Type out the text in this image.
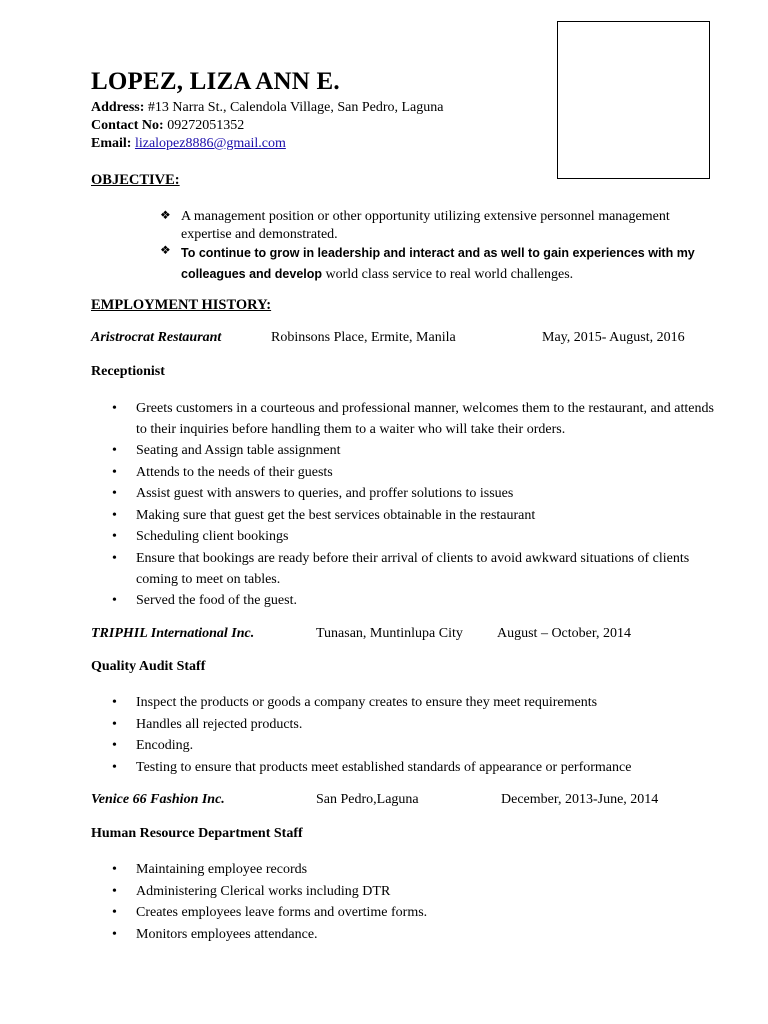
LOPEZ, LIZA ANN E.
Address: #13 Narra St., Calendola Village, San Pedro, Laguna
Contact No: 09272051352
Email: lizalopez8886@gmail.com
OBJECTIVE:
❖ A management position or other opportunity utilizing extensive personnel management expertise and demonstrated.
❖ To continue to grow in leadership and interact and as well to gain experiences with my colleagues and develop world class service to real world challenges.
EMPLOYMENT HISTORY:
Aristrocrat Restaurant	Robinsons Place, Ermite, Manila	May, 2015- August, 2016
Receptionist
• Greets customers in a courteous and professional manner, welcomes them to the restaurant, and attends to their inquiries before handling them to a waiter who will take their orders.
• Seating and Assign table assignment
• Attends to the needs of their guests
• Assist guest with answers to queries, and proffer solutions to issues
• Making sure that guest get the best services obtainable in the restaurant
• Scheduling client bookings
• Ensure that bookings are ready before their arrival of clients to avoid awkward situations of clients coming to meet on tables.
• Served the food of the guest.
TRIPHIL International Inc.	Tunasan, Muntinlupa City August – October, 2014
Quality Audit Staff
• Inspect the products or goods a company creates to ensure they meet requirements
• Handles all rejected products.
• Encoding.
• Testing to ensure that products meet established standards of appearance or performance
Venice 66 Fashion Inc.	San Pedro,Laguna	December, 2013-June, 2014
Human Resource Department Staff
• Maintaining employee records
• Administering Clerical works including DTR
• Creates employees leave forms and overtime forms.
• Monitors employees attendance.
